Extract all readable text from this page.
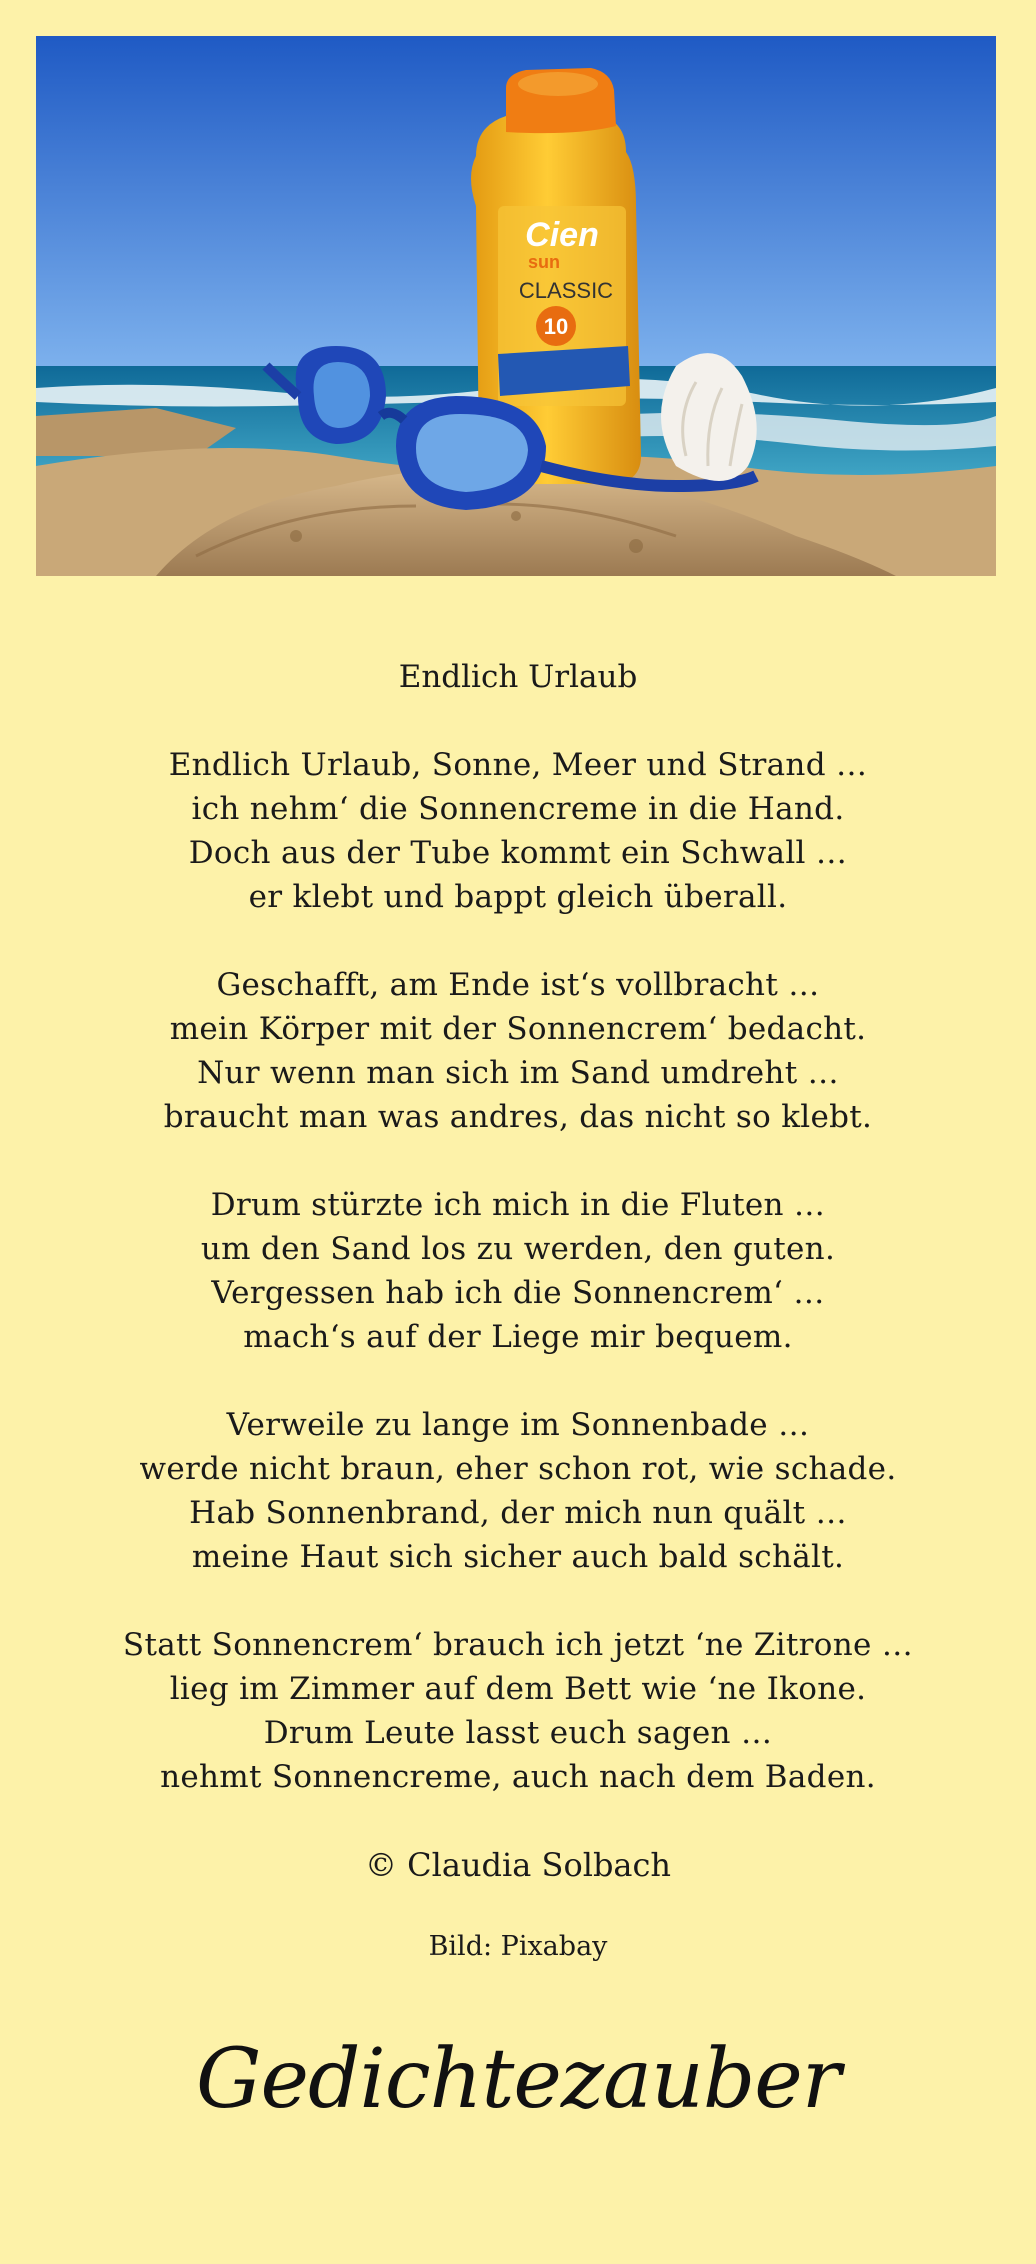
Cien
sun
CLASSIC
10
Endlich Urlaub
Endlich Urlaub, Sonne, Meer und Strand …
ich nehm‘ die Sonnencreme in die Hand.
Doch aus der Tube kommt ein Schwall …
er klebt und bappt gleich überall.
Geschafft, am Ende ist‘s vollbracht …
mein Körper mit der Sonnencrem‘ bedacht.
Nur wenn man sich im Sand umdreht …
braucht man was andres, das nicht so klebt.
Drum stürzte ich mich in die Fluten …
um den Sand los zu werden, den guten.
Vergessen hab ich die Sonnencrem‘ …
mach‘s auf der Liege mir bequem.
Verweile zu lange im Sonnenbade …
werde nicht braun, eher schon rot, wie schade.
Hab Sonnenbrand, der mich nun quält …
meine Haut sich sicher auch bald schält.
Statt Sonnencrem‘ brauch ich jetzt ‘ne Zitrone …
lieg im Zimmer auf dem Bett wie ‘ne Ikone.
Drum Leute lasst euch sagen …
nehmt Sonnencreme, auch nach dem Baden.
© Claudia Solbach
Bild: Pixabay
Gedichtezauber
